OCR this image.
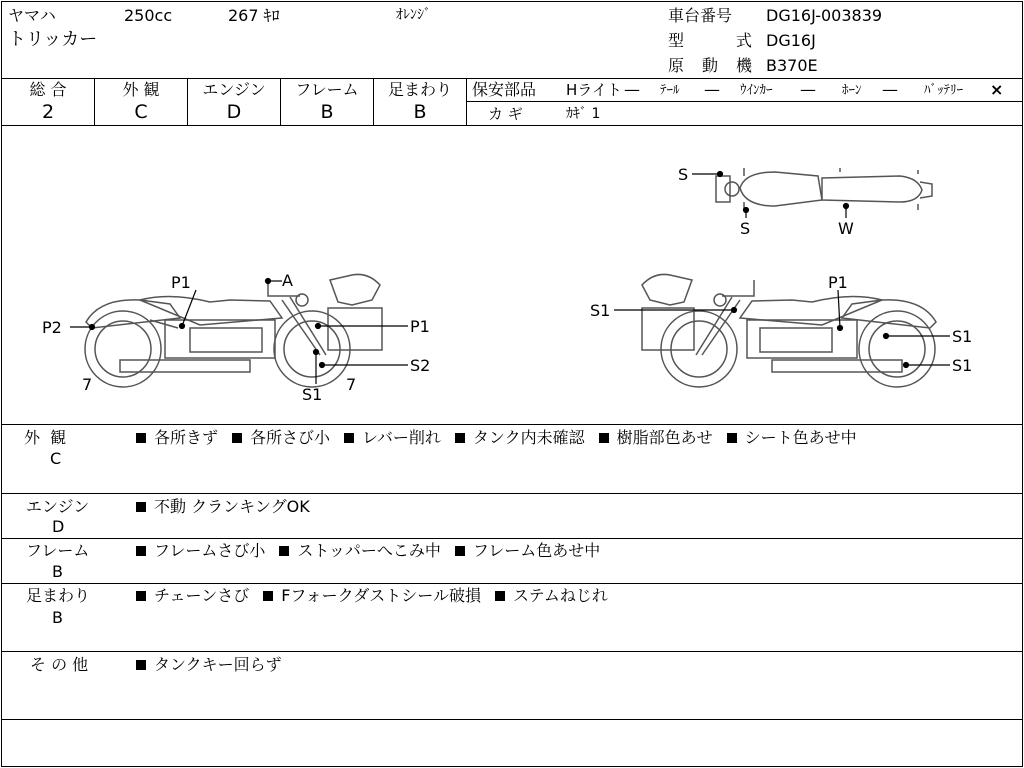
ヤマハ	250cc	267 ｷﾛ	ｵﾚﾝｼﾞ
トリッカー
車台番号 DG16J-003839
型	式 DG16J
原 動 機 B370E
総 合
2
外 観
C
エンジン
D
フレーム
B
足まわり
B
保安部品 Hライト — ﾃｰﾙ — ｳｲﾝｶｰ — ﾎｰﾝ — ﾊﾞｯﾃﾘｰ ×
カ ギ	ｶｷﾞ 1
P1	A
P2	P1
S2
7
S1
7
P1
S1
S1
S1
S
S	W
外  観
C
各所きず 各所さび小 レバー削れ タンク内未確認 樹脂部色あせ シート色あせ中
エンジン
D
不動 クランキングOK
フレーム
B
フレームさび小 ストッパーへこみ中 フレーム色あせ中
足まわり
B
チェーンさび Fフォークダストシール破損 ステムねじれ
そ の 他	タンクキー回らず
